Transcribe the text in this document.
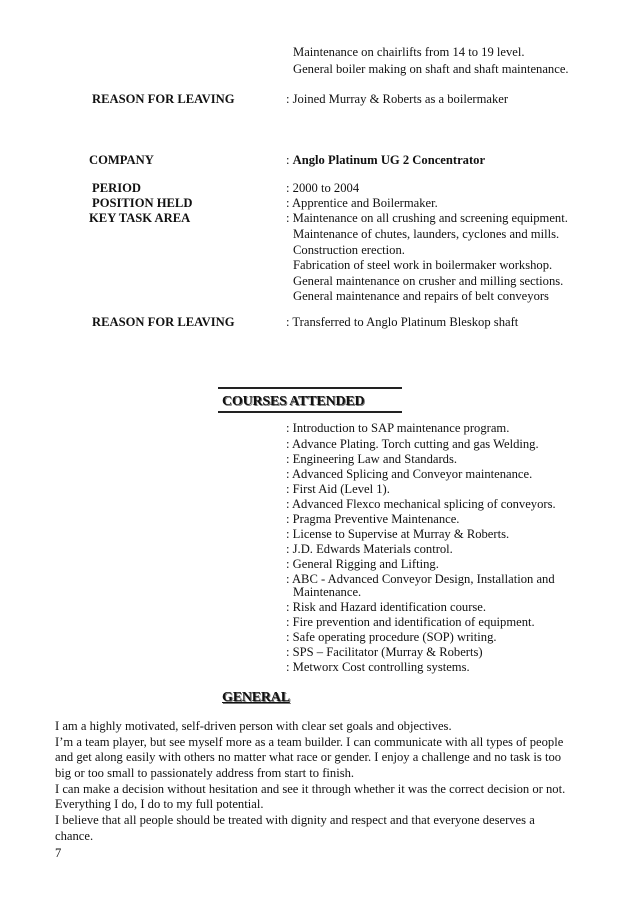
Maintenance on chairlifts from 14 to 19 level.
General boiler making on shaft and shaft maintenance.
REASON FOR LEAVING	: Joined Murray & Roberts as a boilermaker
COMPANY	: Anglo Platinum UG 2 Concentrator
PERIOD	: 2000 to 2004
POSITION HELD	: Apprentice and Boilermaker.
KEY TASK AREA	: Maintenance on all crushing and screening equipment.
Maintenance of chutes, launders, cyclones and mills.
Construction erection.
Fabrication of steel work in boilermaker workshop.
General maintenance on crusher and milling sections.
General maintenance and repairs of belt conveyors
REASON FOR LEAVING	: Transferred to Anglo Platinum Bleskop shaft
COURSES ATTENDED
: Introduction to SAP maintenance program.
: Advance Plating. Torch cutting and gas Welding.
: Engineering Law and Standards.
: Advanced Splicing and Conveyor maintenance.
: First Aid (Level 1).
: Advanced Flexco mechanical splicing of conveyors.
: Pragma Preventive Maintenance.
: License to Supervise at Murray & Roberts.
: J.D. Edwards Materials control.
: General Rigging and Lifting.
: ABC - Advanced Conveyor Design, Installation and
Maintenance.
: Risk and Hazard identification course.
: Fire prevention and identification of equipment.
: Safe operating procedure (SOP) writing.
: SPS – Facilitator (Murray & Roberts)
: Metworx Cost controlling systems.
GENERAL
I am a highly motivated, self-driven person with clear set goals and objectives.
I’m a team player, but see myself more as a team builder. I can communicate with all types of people
and get along easily with others no matter what race or gender. I enjoy a challenge and no task is too
big or too small to passionately address from start to finish.
I can make a decision without hesitation and see it through whether it was the correct decision or not.
Everything I do, I do to my full potential.
I believe that all people should be treated with dignity and respect and that everyone deserves a
chance.
7
